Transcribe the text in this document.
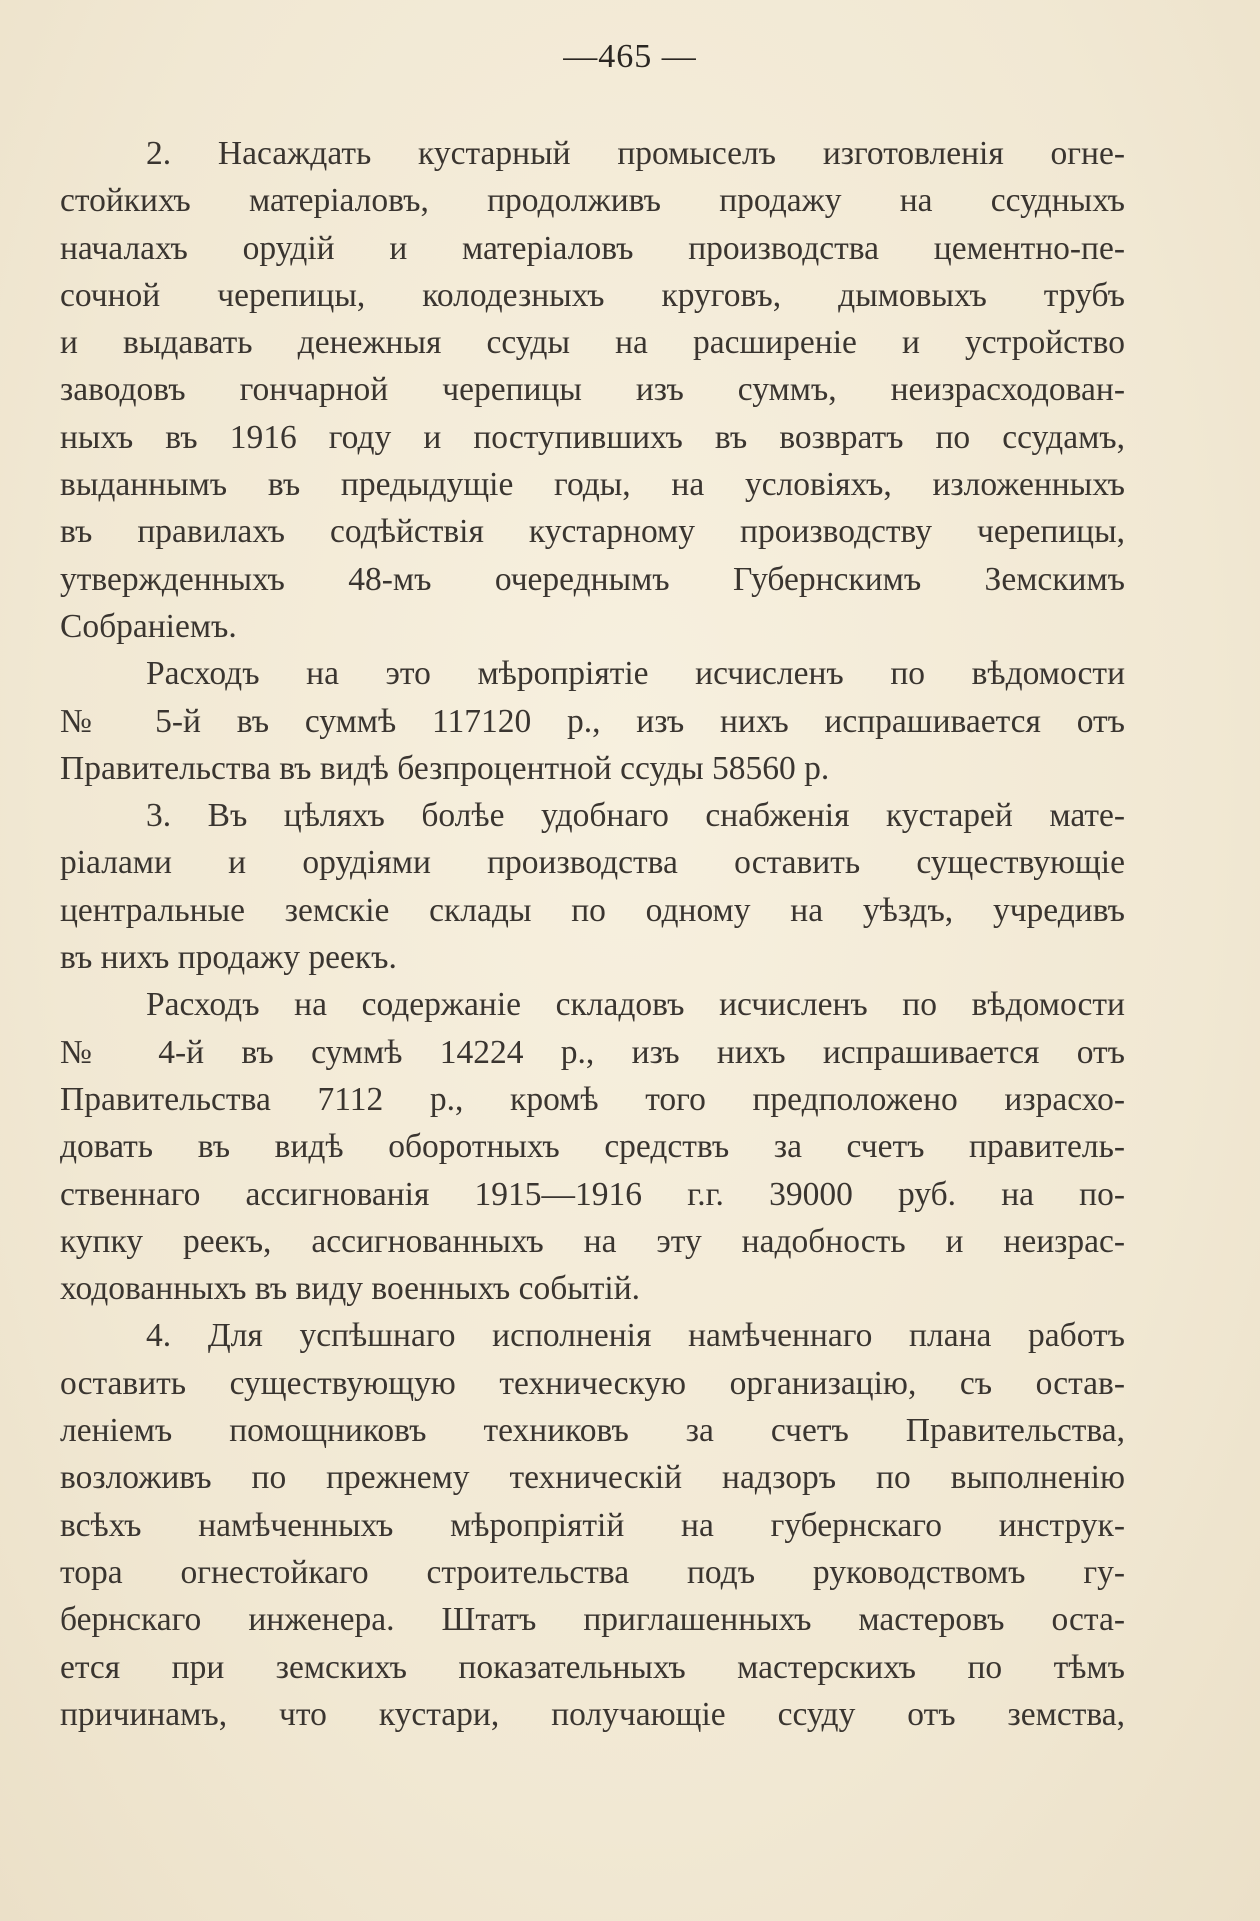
—465 —
2. Насаждать кустарный промыселъ изготовленія огне-
стойкихъ матеріаловъ, продолживъ продажу на ссудныхъ
началахъ орудій и матеріаловъ производства цементно-пе-
сочной черепицы, колодезныхъ круговъ, дымовыхъ трубъ
и выдавать денежныя ссуды на расширеніе и устройство
заводовъ гончарной черепицы изъ суммъ, неизрасходован-
ныхъ въ 1916 году и поступившихъ въ возвратъ по ссудамъ,
выданнымъ въ предыдущіе годы, на условіяхъ, изложенныхъ
въ правилахъ содѣйствія кустарному производству черепицы,
утвержденныхъ 48-мъ очереднымъ Губернскимъ Земскимъ
Собраніемъ.
Расходъ на это мѣропріятіе исчисленъ по вѣдомости
№ 5-й въ суммѣ 117120 р., изъ нихъ испрашивается отъ
Правительства въ видѣ безпроцентной ссуды 58560 р.
3. Въ цѣляхъ болѣе удобнаго снабженія кустарей мате-
ріалами и орудіями производства оставить существующіе
центральные земскіе склады по одному на уѣздъ, учредивъ
въ нихъ продажу реекъ.
Расходъ на содержаніе складовъ исчисленъ по вѣдомости
№ 4-й въ суммѣ 14224 р., изъ нихъ испрашивается отъ
Правительства 7112 р., кромѣ того предположено израсхо-
довать въ видѣ оборотныхъ средствъ за счетъ правитель-
ственнаго ассигнованія 1915—1916 г.г. 39000 руб. на по-
купку реекъ, ассигнованныхъ на эту надобность и неизрас-
ходованныхъ въ виду военныхъ событій.
4. Для успѣшнаго исполненія намѣченнаго плана работъ
оставить существующую техническую организацію, съ остав-
леніемъ помощниковъ техниковъ за счетъ Правительства,
возложивъ по прежнему техническій надзоръ по выполненію
всѣхъ намѣченныхъ мѣропріятій на губернскаго инструк-
тора огнестойкаго строительства подъ руководствомъ гу-
бернскаго инженера. Штатъ приглашенныхъ мастеровъ оста-
ется при земскихъ показательныхъ мастерскихъ по тѣмъ
причинамъ, что кустари, получающіе ссуду отъ земства,
